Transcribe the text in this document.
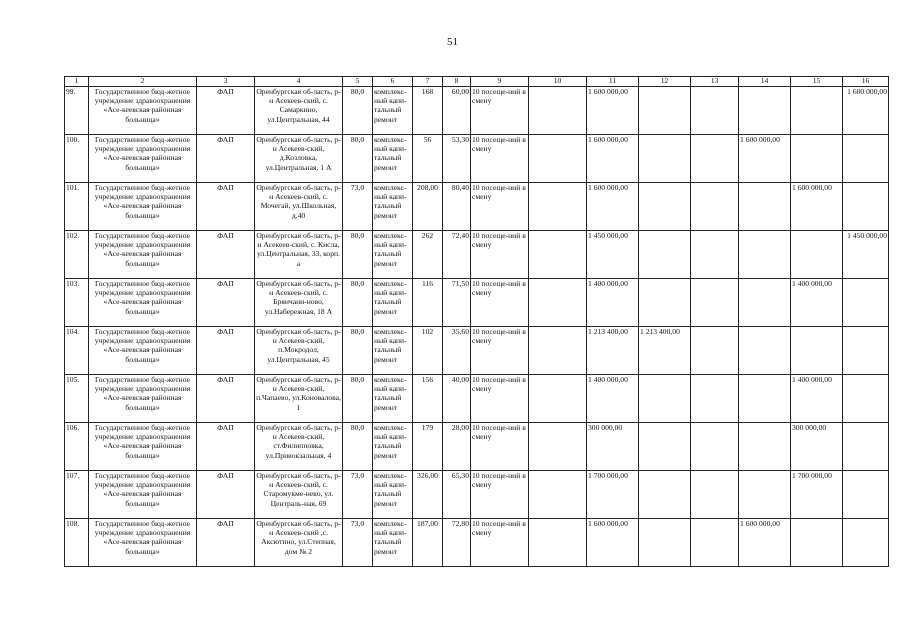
51
1	2	3	4	5	6	7	8	9	10	11	12	13	14	15	16
99.	Государственное бюд-жетное учреждение здравоохранения «Асе-кеевская районная больница»	ФАП	Оренбургская об-ласть, р-н Асекеев-ский, с. Самаркино, ул.Центральная, 44	80,0	комплекс-ный капи-тальный ремонт	168	60,00	10 посеще-ний в смену		1 600 000,00					1 600 000,00
100.	Государственное бюд-жетное учреждение здравоохранения «Асе-кеевская районная больница»	ФАП	Оренбургская об-ласть, р-н Асекеев-ский, д.Козловка, ул.Центральная, 1 А	80,0	комплекс-ный капи-тальный ремонт	56	53,30	10 посеще-ний в смену		1 600 000,00			1 600 000,00		
101.	Государственное бюд-жетное учреждение здравоохранения «Асе-кеевская районная больница»	ФАП	Оренбургская об-ласть, р-н Асекеев-ский, с. Мочегай, ул.Школьная, д.40	73,0	комплекс-ный капи-тальный ремонт	208,00	80,40	10 посеще-ний в смену		1 600 000,00				1 600 000,00	
102.	Государственное бюд-жетное учреждение здравоохранения «Асе-кеевская районная больница»	ФАП	Оренбургская об-ласть, р-н Асекеев-ский, с. Кисла, ул.Центральная, 33, корп. а	80,0	комплекс-ный капи-тальный ремонт	262	72,40	10 посеще-ний в смену		1 450 000,00					1 450 000,00
103.	Государственное бюд-жетное учреждение здравоохранения «Асе-кеевская районная больница»	ФАП	Оренбургская об-ласть, р-н Асекеев-ский, с. Брянчани-ново, ул.Набережная, 18 А	80,0	комплекс-ный капи-тальный ремонт	116	71,50	10 посеще-ний в смену		1 400 000,00				1 400 000,00	
104.	Государственное бюд-жетное учреждение здравоохранения «Асе-кеевская районная больница»	ФАП	Оренбургская об-ласть, р-н Асекеев-ский, п.Мокродол, ул.Центральная, 45	80,0	комплекс-ный капи-тальный ремонт	102	35,60	10 посеще-ний в смену		1 213 400,00	1 213 400,00				
105.	Государственное бюд-жетное учреждение здравоохранения «Асе-кеевская районная больница»	ФАП	Оренбургская об-ласть, р-н Асекеев-ский, п.Чапаево, ул.Коновалова, 1	80,0	комплекс-ный капи-тальный ремонт	156	40,00	10 посеще-ний в смену		1 400 000,00				1 400 000,00	
106.	Государственное бюд-жетное учреждение здравоохранения «Асе-кеевская районная больница»	ФАП	Оренбургская об-ласть, р-н Асекеев-ский, ст.Филипповка, ул.Привокзальная, 4	80,0	комплекс-ный капи-тальный ремонт	179	28,00	10 посеще-ний в смену		300 000,00				300 000,00	
107.	Государственное бюд-жетное учреждение здравоохранения «Асе-кеевская районная больница»	ФАП	Оренбургская об-ласть, р-н Асекеев-ский, с. Старомукме-нево, ул. Централь-ная, 69	73,0	комплекс-ный капи-тальный ремонт	326,00	65,30	10 посеще-ний в смену		1 700 000,00				1 700 000,00	
108.	Государственное бюд-жетное учреждение здравоохранения «Асе-кеевская районная больница»	ФАП	Оренбургская об-ласть, р-н Асекеев-ский ,с. Аксютино, ул.Степная, дом № 2	73,0	комплекс-ный капи-тальный ремонт	187,00	72,80	10 посеще-ний в смену		1 600 000,00			1 600 000,00		
